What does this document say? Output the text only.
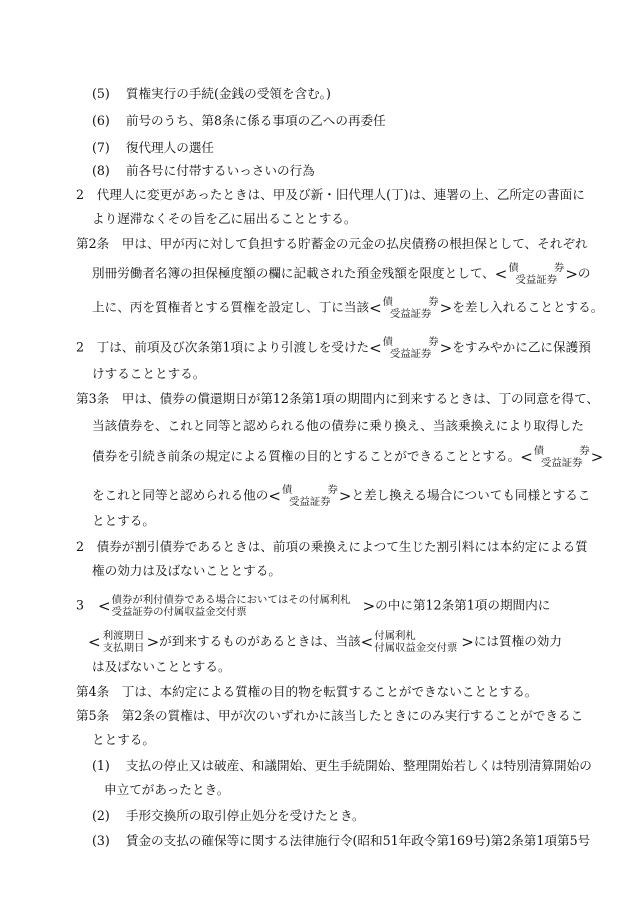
(5) 質権実行の手続(金銭の受領を含む。)
(6) 前号のうち、第8条に係る事項の乙への再委任
(7) 復代理人の選任
(8) 前各号に付帯するいっさいの行為
2　代理人に変更があったときは、甲及び新・旧代理人(丁)は、連署の上、乙所定の書面に
より遅滞なくその旨を乙に届出ることとする。
第2条　甲は、甲が丙に対して負担する貯蓄金の元金の払戻債務の根担保として、それぞれ
別冊労働者名簿の担保極度額の欄に記載された預金残額を限度として、< 債　　券
受益証券 >の
上に、丙を質権者とする質権を設定し、丁に当該< 債　　券
受益証券 >を差し入れることとする。
2　丁は、前項及び次条第1項により引渡しを受けた< 債　　券
受益証券 >をすみやかに乙に保護預
けすることとする。
第3条　甲は、債券の償還期日が第12条第1項の期間内に到来するときは、丁の同意を得て、
当該債券を、これと同等と認められる他の債券に乗り換え、当該乗換えにより取得した
債券を引続き前条の規定による質権の目的とすることができることとする。< 債　　券
受益証券 >
をこれと同等と認められる他の< 債　　券
受益証券 >と差し換える場合についても同様とするこ
ととする。
2　債券が割引債券であるときは、前項の乗換えによつて生じた割引料には本約定による質
権の効力は及ばないこととする。
3 < 債券が利付債券である場合においてはその付属利札
受益証券の付属収益金交付票	>の中に第12条第1項の期間内に
< 利渡期日
支払期日 >が到来するものがあるときは、当該< 付属利札
付属収益金交付票 >には質権の効力
は及ばないこととする。
第4条　丁は、本約定による質権の目的物を転質することができないこととする。
第5条　第2条の質権は、甲が次のいずれかに該当したときにのみ実行することができるこ
ととする。
(1) 支払の停止又は破産、和議開始、更生手続開始、整理開始若しくは特別清算開始の
申立てがあったとき。
(2) 手形交換所の取引停止処分を受けたとき。
(3) 賃金の支払の確保等に関する法律施行令(昭和51年政令第169号)第2条第1項第5号
